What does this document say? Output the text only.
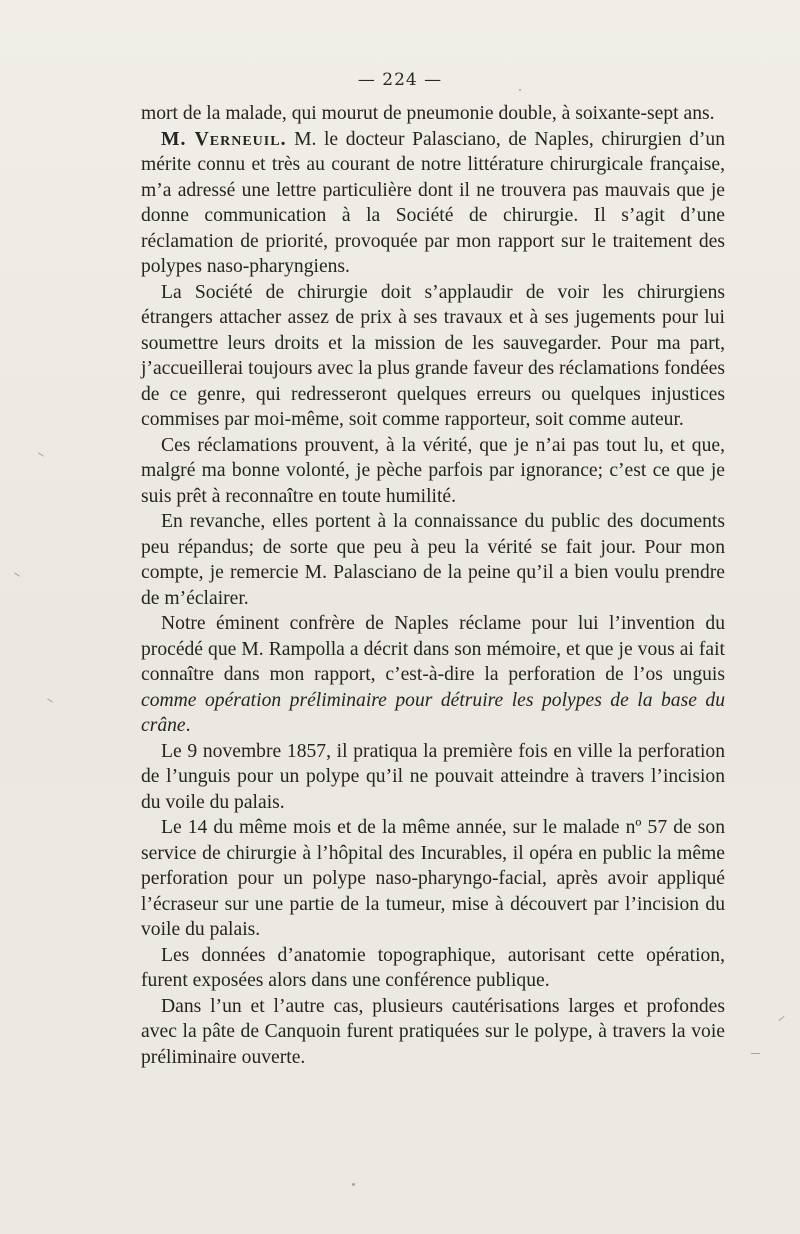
— 224 —

mort de la malade, qui mourut de pneumonie double, à soixante-sept ans.

M. Verneuil. M. le docteur Palasciano, de Naples, chirurgien d’un mérite connu et très au courant de notre littérature chirurgicale française, m’a adressé une lettre particulière dont il ne trouvera pas mauvais que je donne communication à la Société de chirurgie. Il s’agit d’une réclamation de priorité, provoquée par mon rapport sur le traitement des polypes naso-pharyngiens.

La Société de chirurgie doit s’applaudir de voir les chirurgiens étrangers attacher assez de prix à ses travaux et à ses jugements pour lui soumettre leurs droits et la mission de les sauvegarder. Pour ma part, j’accueillerai toujours avec la plus grande faveur des réclamations fondées de ce genre, qui redresseront quelques erreurs ou quelques injustices commises par moi-même, soit comme rapporteur, soit comme auteur.

Ces réclamations prouvent, à la vérité, que je n’ai pas tout lu, et que, malgré ma bonne volonté, je pèche parfois par ignorance; c’est ce que je suis prêt à reconnaître en toute humilité.

En revanche, elles portent à la connaissance du public des documents peu répandus; de sorte que peu à peu la vérité se fait jour. Pour mon compte, je remercie M. Palasciano de la peine qu’il a bien voulu prendre de m’éclairer.

Notre éminent confrère de Naples réclame pour lui l’invention du procédé que M. Rampolla a décrit dans son mémoire, et que je vous ai fait connaître dans mon rapport, c’est-à-dire la perforation de l’os unguis comme opération préliminaire pour détruire les polypes de la base du crâne.

Le 9 novembre 1857, il pratiqua la première fois en ville la perforation de l’unguis pour un polype qu’il ne pouvait atteindre à travers l’incision du voile du palais.

Le 14 du même mois et de la même année, sur le malade nº 57 de son service de chirurgie à l’hôpital des Incurables, il opéra en public la même perforation pour un polype naso-pharyngo-facial, après avoir appliqué l’écraseur sur une partie de la tumeur, mise à découvert par l’incision du voile du palais.

Les données d’anatomie topographique, autorisant cette opération, furent exposées alors dans une conférence publique.

Dans l’un et l’autre cas, plusieurs cautérisations larges et profondes avec la pâte de Canquoin furent pratiquées sur le polype, à travers la voie préliminaire ouverte.
